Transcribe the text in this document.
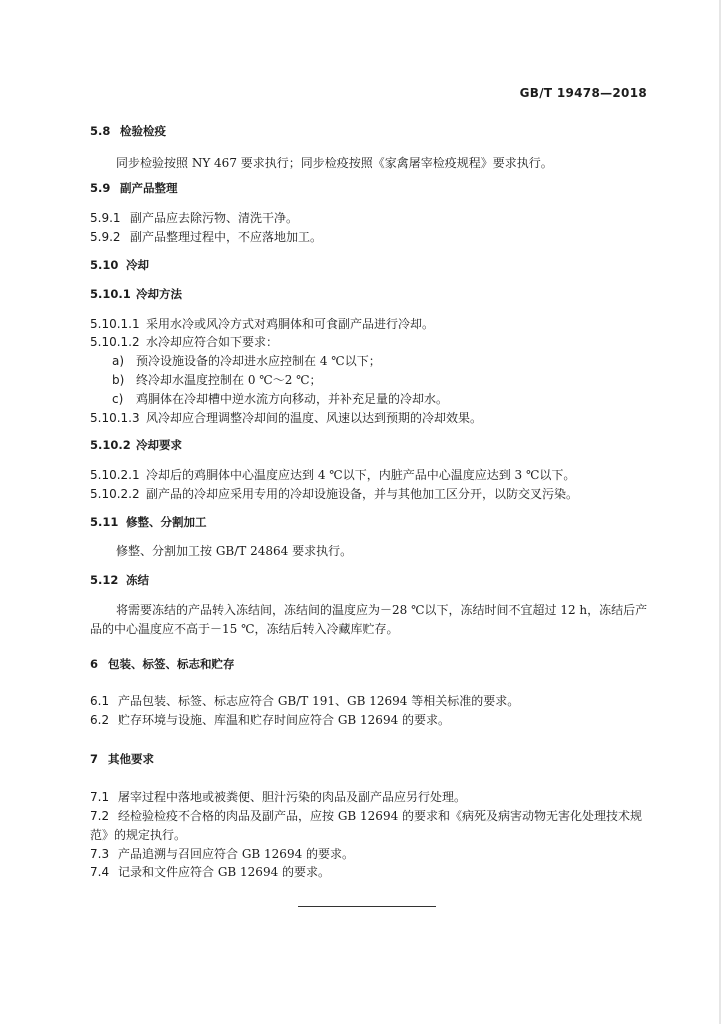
GB/T 19478—2018
5.8 检验检疫
同步检验按照 NY 467 要求执行；同步检疫按照《家禽屠宰检疫规程》要求执行。
5.9 副产品整理
5.9.1 副产品应去除污物、清洗干净。
5.9.2 副产品整理过程中，不应落地加工。
5.10 冷却
5.10.1 冷却方法
5.10.1.1 采用水冷或风冷方式对鸡胴体和可食副产品进行冷却。
5.10.1.2 水冷却应符合如下要求：
a) 预冷设施设备的冷却进水应控制在 4 ℃以下；
b) 终冷却水温度控制在 0 ℃～2 ℃；
c) 鸡胴体在冷却槽中逆水流方向移动，并补充足量的冷却水。
5.10.1.3 风冷却应合理调整冷却间的温度、风速以达到预期的冷却效果。
5.10.2 冷却要求
5.10.2.1 冷却后的鸡胴体中心温度应达到 4 ℃以下，内脏产品中心温度应达到 3 ℃以下。
5.10.2.2 副产品的冷却应采用专用的冷却设施设备，并与其他加工区分开，以防交叉污染。
5.11 修整、分割加工
修整、分割加工按 GB/T 24864 要求执行。
5.12 冻结
将需要冻结的产品转入冻结间，冻结间的温度应为－28 ℃以下，冻结时间不宜超过 12 h，冻结后产
品的中心温度应不高于－15 ℃，冻结后转入冷藏库贮存。
6 包装、标签、标志和贮存
6.1 产品包装、标签、标志应符合 GB/T 191、GB 12694 等相关标准的要求。
6.2 贮存环境与设施、库温和贮存时间应符合 GB 12694 的要求。
7 其他要求
7.1 屠宰过程中落地或被粪便、胆汁污染的肉品及副产品应另行处理。
7.2 经检验检疫不合格的肉品及副产品，应按 GB 12694 的要求和《病死及病害动物无害化处理技术规
范》的规定执行。
7.3 产品追溯与召回应符合 GB 12694 的要求。
7.4 记录和文件应符合 GB 12694 的要求。
